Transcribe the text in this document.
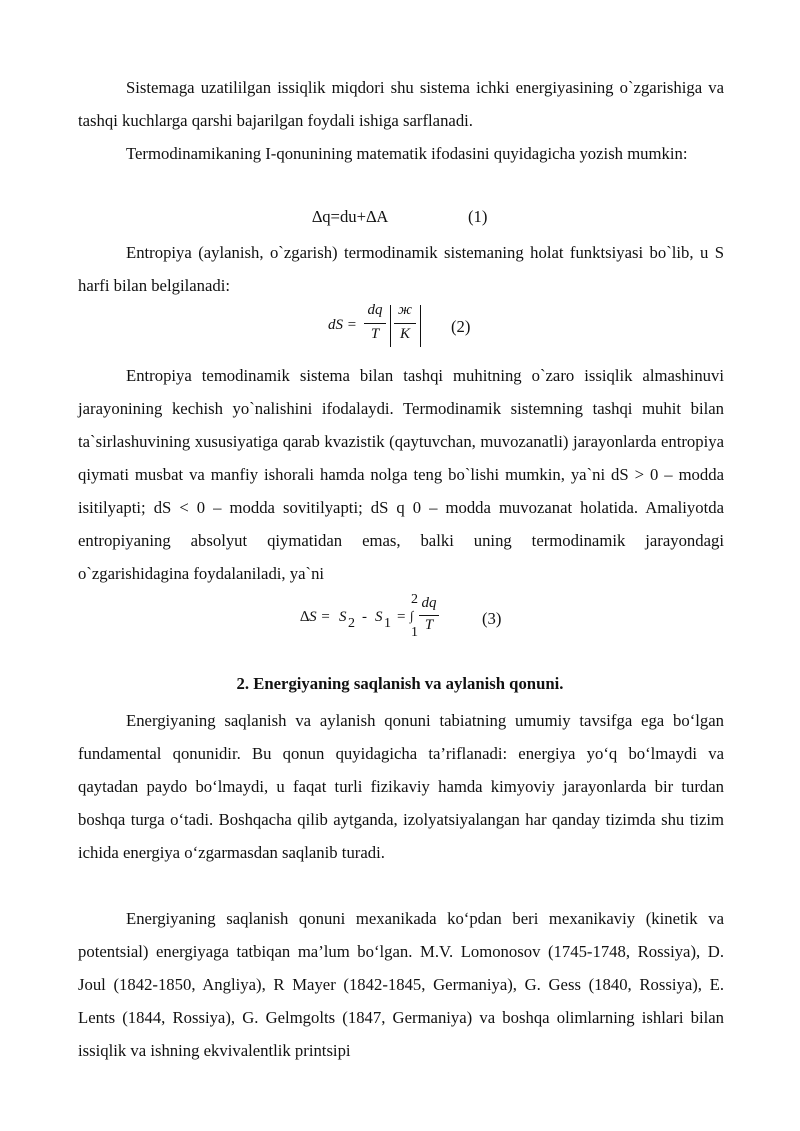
Sistemaga uzatililgan issiqlik miqdori shu sistema ichki energiyasining o`zgarishiga va tashqi kuchlarga qarshi bajarilgan foydali ishiga sarflanadi.
Termodinamikaning I-qonunining matematik ifodasini quyidagicha yozish mumkin:
∆q=du+∆A	(1)
Entropiya (aylanish, o`zgarish) termodinamik sistemaning holat funktsiyasi bo`lib, u S harfi bilan belgilanadi:
dS =
dq
T
ж
K	(2)
Entropiya temodinamik sistema bilan tashqi muhitning o`zaro issiqlik almashinuvi jarayonining kechish yo`nalishini ifodalaydi. Termodinamik sistemning tashqi muhit bilan ta`sirlashuvining xususiyatiga qarab kvazistik (qaytuvchan, muvozanatli) jarayonlarda entropiya qiymati musbat va manfiy ishorali hamda nolga teng bo`lishi mumkin, ya`ni dS > 0 – modda isitilyapti; dS < 0 – modda sovitilyapti; dS q 0 – modda muvozanat holatida. Amaliyotda entropiyaning absolyut qiymatidan emas, balki uning termodinamik jarayondagi o`zgarishidagina foydalaniladi, ya`ni
∆S = S 2 - S 1 =
2
∫
1
dq
T	(3)
2. Energiyaning saqlanish va aylanish qonuni.
Energiyaning saqlanish va aylanish qonuni tabiatning umumiy tavsifga ega bo‘lgan fundamental qonunidir. Bu qonun quyidagicha ta’riflanadi: energiya yo‘q bo‘lmaydi va qaytadan paydo bo‘lmaydi, u faqat turli fizikaviy hamda kimyoviy jarayonlarda bir turdan boshqa turga o‘tadi. Boshqacha qilib aytganda, izolyatsiyalangan har qanday tizimda shu tizim ichida energiya o‘zgarmasdan saqlanib turadi.
Energiyaning saqlanish qonuni mexanikada ko‘pdan beri mexanikaviy (kinetik va potentsial) energiyaga tatbiqan ma’lum bo‘lgan. M.V. Lomonosov (1745-1748, Rossiya), D. Joul (1842-1850, Angliya), R Mayer (1842-1845, Germaniya), G. Gess (1840, Rossiya), E. Lents (1844, Rossiya), G. Gelmgolts (1847, Germaniya) va boshqa olimlarning ishlari bilan issiqlik va ishning ekvivalentlik printsipi
